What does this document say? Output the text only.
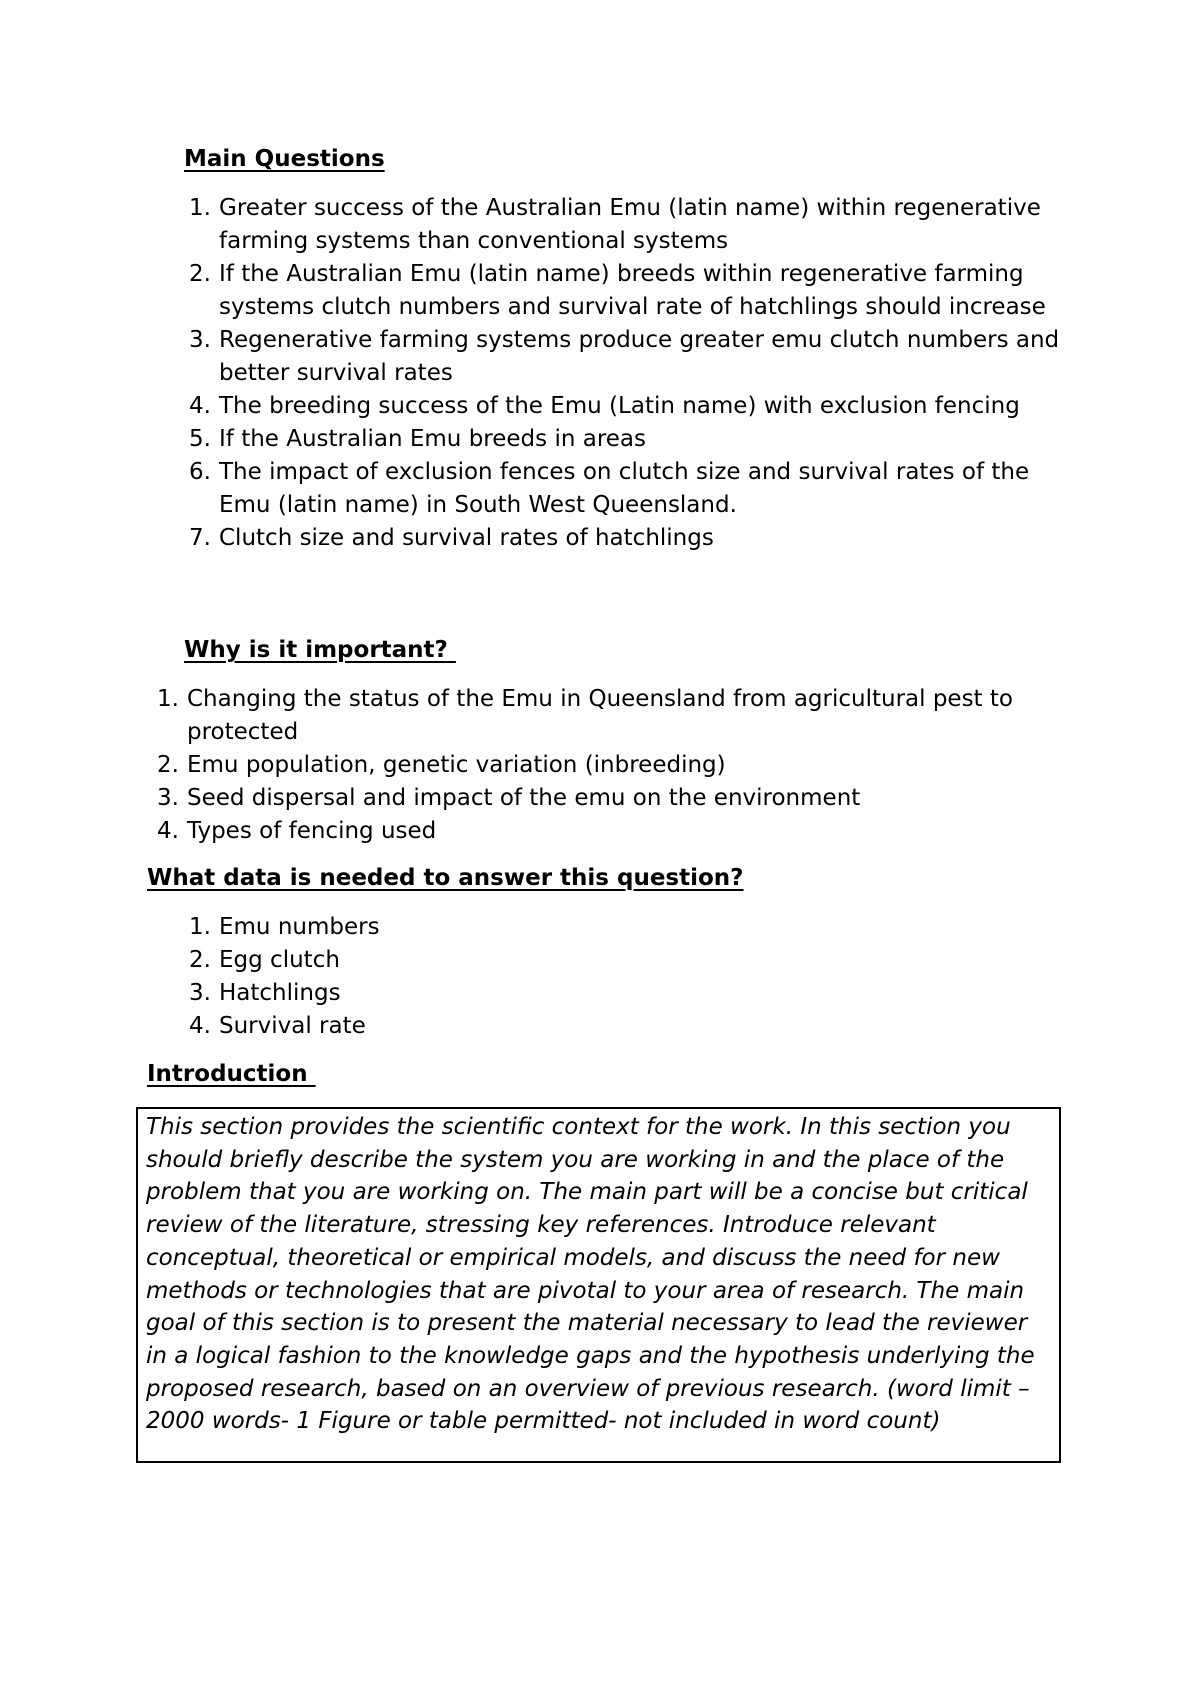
Main Questions
1. Greater success of the Australian Emu (latin name) within regenerative farming systems than conventional systems
2. If the Australian Emu (latin name) breeds within regenerative farming systems clutch numbers and survival rate of hatchlings should increase
3. Regenerative farming systems produce greater emu clutch numbers and better survival rates
4. The breeding success of the Emu (Latin name) with exclusion fencing
5. If the Australian Emu breeds in areas
6. The impact of exclusion fences on clutch size and survival rates of the Emu (latin name) in South West Queensland.
7. Clutch size and survival rates of hatchlings
Why is it important?
1. Changing the status of the Emu in Queensland from agricultural pest to protected
2. Emu population, genetic variation (inbreeding)
3. Seed dispersal and impact of the emu on the environment
4. Types of fencing used
What data is needed to answer this question?
1. Emu numbers
2. Egg clutch
3. Hatchlings
4. Survival rate
Introduction
This section provides the scientific context for the work. In this section you should briefly describe the system you are working in and the place of the problem that you are working on. The main part will be a concise but critical review of the literature, stressing key references. Introduce relevant conceptual, theoretical or empirical models, and discuss the need for new methods or technologies that are pivotal to your area of research. The main goal of this section is to present the material necessary to lead the reviewer in a logical fashion to the knowledge gaps and the hypothesis underlying the proposed research, based on an overview of previous research. (word limit – 2000 words- 1 Figure or table permitted- not included in word count)
